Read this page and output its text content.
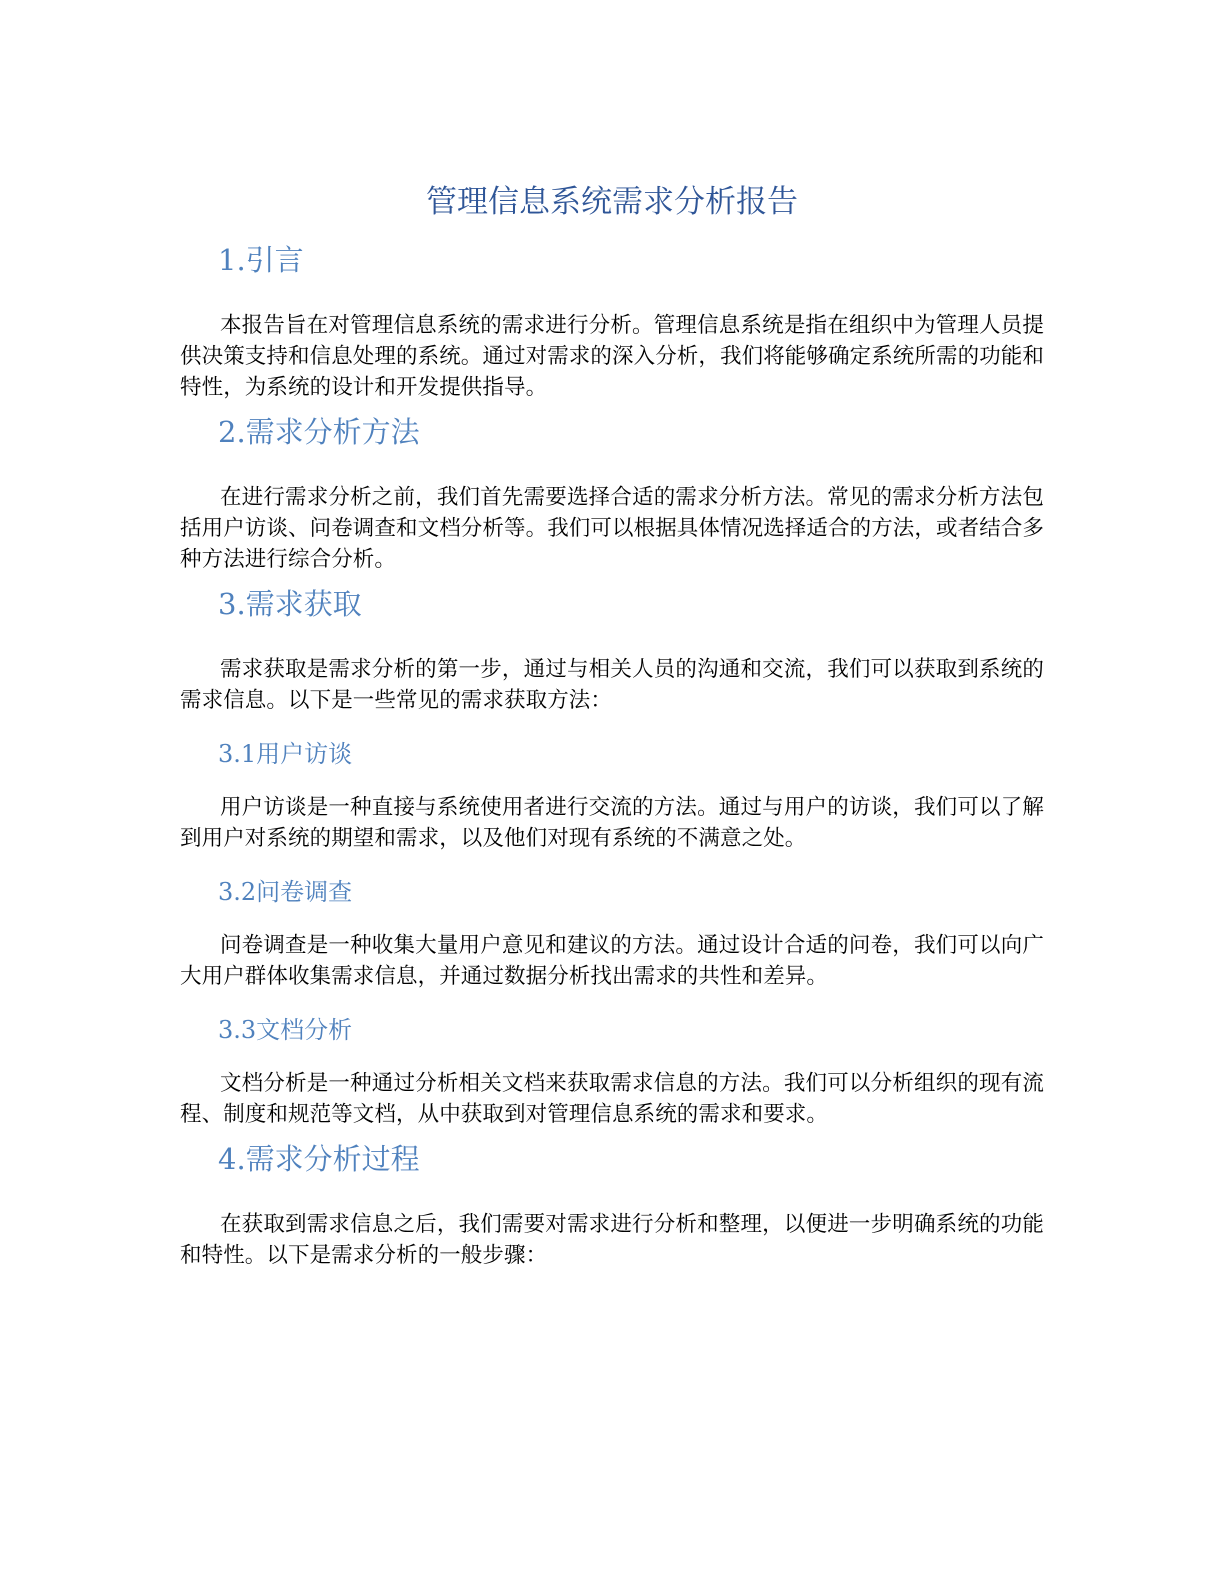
管理信息系统需求分析报告
1.引言

本报告旨在对管理信息系统的需求进行分析。管理信息系统是指在组织中为管理人员提供决策支持和信息处理的系统。通过对需求的深入分析，我们将能够确定系统所需的功能和特性，为系统的设计和开发提供指导。

2.需求分析方法

在进行需求分析之前，我们首先需要选择合适的需求分析方法。常见的需求分析方法包括用户访谈、问卷调查和文档分析等。我们可以根据具体情况选择适合的方法，或者结合多种方法进行综合分析。

3.需求获取

需求获取是需求分析的第一步，通过与相关人员的沟通和交流，我们可以获取到系统的需求信息。以下是一些常见的需求获取方法：

3.1用户访谈

用户访谈是一种直接与系统使用者进行交流的方法。通过与用户的访谈，我们可以了解到用户对系统的期望和需求，以及他们对现有系统的不满意之处。

3.2问卷调查

问卷调查是一种收集大量用户意见和建议的方法。通过设计合适的问卷，我们可以向广大用户群体收集需求信息，并通过数据分析找出需求的共性和差异。

3.3文档分析

文档分析是一种通过分析相关文档来获取需求信息的方法。我们可以分析组织的现有流程、制度和规范等文档，从中获取到对管理信息系统的需求和要求。

4.需求分析过程

在获取到需求信息之后，我们需要对需求进行分析和整理，以便进一步明确系统的功能和特性。以下是需求分析的一般步骤：
